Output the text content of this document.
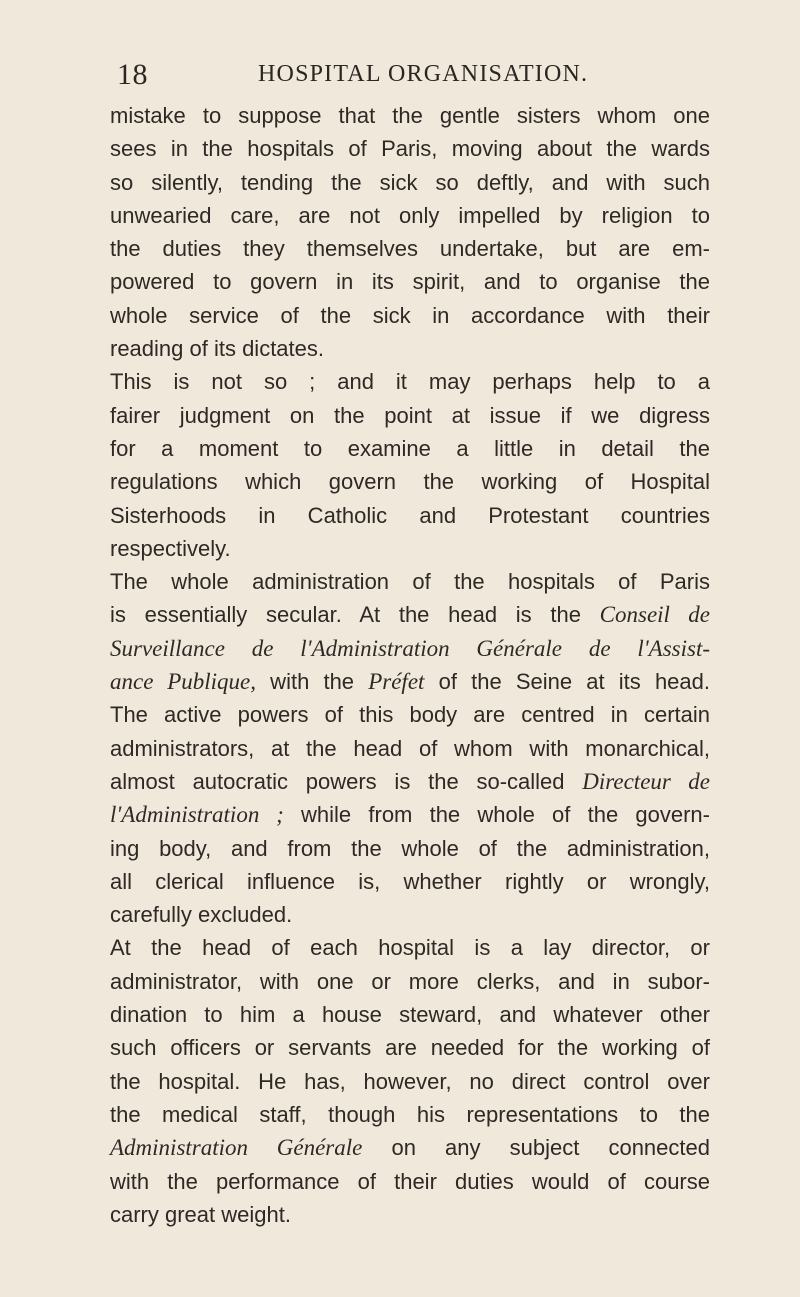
18	HOSPITAL ORGANISATION.
mistake to suppose that the gentle sisters whom one
sees in the hospitals of Paris, moving about the wards
so silently, tending the sick so deftly, and with such
unwearied care, are not only impelled by religion to
the duties they themselves undertake, but are em-
powered to govern in its spirit, and to organise the
whole service of the sick in accordance with their
reading of its dictates.
This is not so ; and it may perhaps help to a
fairer judgment on the point at issue if we digress
for a moment to examine a little in detail the
regulations which govern the working of Hospital
Sisterhoods in Catholic and Protestant countries
respectively.
The whole administration of the hospitals of Paris
is essentially secular. At the head is the Conseil de
Surveillance de l'Administration Générale de l'Assist-
ance Publique, with the Préfet of the Seine at its head.
The active powers of this body are centred in certain
administrators, at the head of whom with monarchical,
almost autocratic powers is the so-called Directeur de
l'Administration ; while from the whole of the govern-
ing body, and from the whole of the administration,
all clerical influence is, whether rightly or wrongly,
carefully excluded.
At the head of each hospital is a lay director, or
administrator, with one or more clerks, and in subor-
dination to him a house steward, and whatever other
such officers or servants are needed for the working of
the hospital. He has, however, no direct control over
the medical staff, though his representations to the
Administration Générale on any subject connected
with the performance of their duties would of course
carry great weight.
